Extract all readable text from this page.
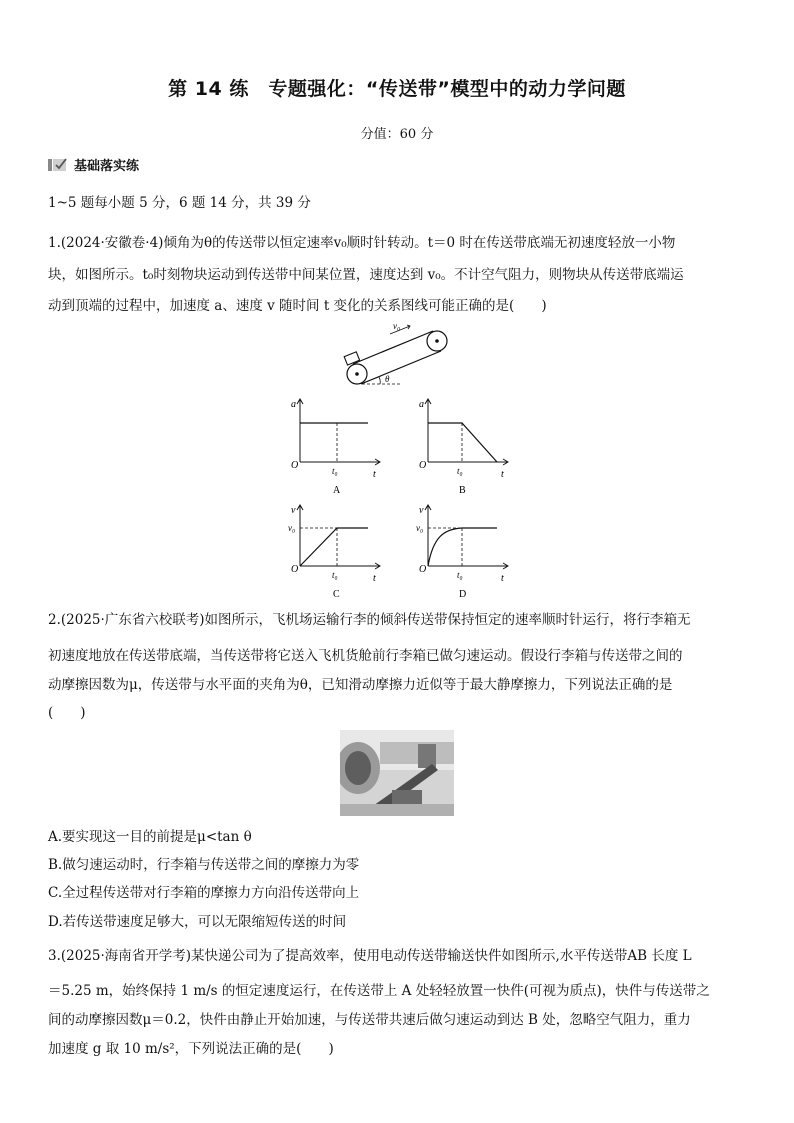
第 14 练　专题强化：“传送带”模型中的动力学问题
分值：60 分
基础落实练
1~5 题每小题 5 分，6 题 14 分，共 39 分
1.(2024·安徽卷·4)倾角为θ的传送带以恒定速率v₀顺时针转动。t＝0 时在传送带底端无初速度轻放一小物
块，如图所示。t₀时刻物块运动到传送带中间某位置，速度达到 v₀。不计空气阻力，则物块从传送带底端运
动到顶端的过程中，加速度 a、速度 v 随时间 t 变化的关系图线可能正确的是(　　)
v₀
θ
a
O
t
t₀
A
a
O
t
t₀
B
v
v₀
O
t
t₀
C
v
v₀
O
t
t₀
D
2.(2025·广东省六校联考)如图所示，飞机场运输行李的倾斜传送带保持恒定的速率顺时针运行，将行李箱无
初速度地放在传送带底端，当传送带将它送入飞机货舱前行李箱已做匀速运动。假设行李箱与传送带之间的
动摩擦因数为μ，传送带与水平面的夹角为θ，已知滑动摩擦力近似等于最大静摩擦力，下列说法正确的是
(　　)
A.要实现这一目的前提是μ<tan θ
B.做匀速运动时，行李箱与传送带之间的摩擦力为零
C.全过程传送带对行李箱的摩擦力方向沿传送带向上
D.若传送带速度足够大，可以无限缩短传送的时间
3.(2025·海南省开学考)某快递公司为了提高效率，使用电动传送带输送快件如图所示,水平传送带AB 长度 L
＝5.25 m，始终保持 1 m/s 的恒定速度运行，在传送带上 A 处轻轻放置一快件(可视为质点)，快件与传送带之
间的动摩擦因数μ＝0.2，快件由静止开始加速，与传送带共速后做匀速运动到达 B 处，忽略空气阻力，重力
加速度 g 取 10 m/s²，下列说法正确的是(　　)
